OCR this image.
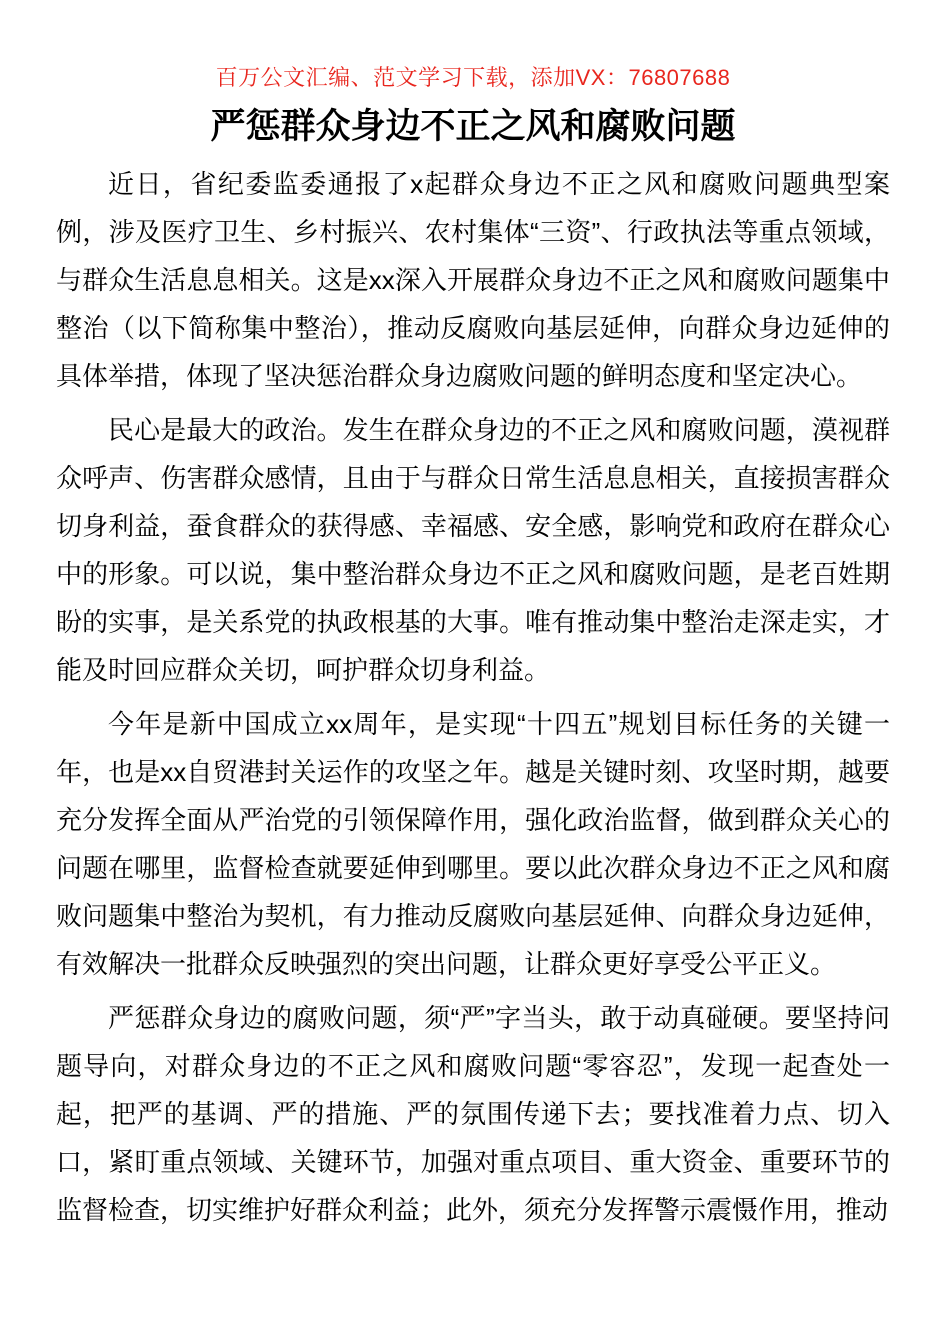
百万公文汇编、范文学习下载，添加VX：76807688
严惩群众身边不正之风和腐败问题

近日，省纪委监委通报了x起群众身边不正之风和腐败问题典型案例，涉及医疗卫生、乡村振兴、农村集体“三资”、行政执法等重点领域，与群众生活息息相关。这是xx深入开展群众身边不正之风和腐败问题集中整治（以下简称集中整治），推动反腐败向基层延伸，向群众身边延伸的具体举措，体现了坚决惩治群众身边腐败问题的鲜明态度和坚定决心。

民心是最大的政治。发生在群众身边的不正之风和腐败问题，漠视群众呼声、伤害群众感情，且由于与群众日常生活息息相关，直接损害群众切身利益，蚕食群众的获得感、幸福感、安全感，影响党和政府在群众心中的形象。可以说，集中整治群众身边不正之风和腐败问题，是老百姓期盼的实事，是关系党的执政根基的大事。唯有推动集中整治走深走实，才能及时回应群众关切，呵护群众切身利益。

今年是新中国成立xx周年，是实现“十四五”规划目标任务的关键一年，也是xx自贸港封关运作的攻坚之年。越是关键时刻、攻坚时期，越要充分发挥全面从严治党的引领保障作用，强化政治监督，做到群众关心的问题在哪里，监督检查就要延伸到哪里。要以此次群众身边不正之风和腐败问题集中整治为契机，有力推动反腐败向基层延伸、向群众身边延伸，有效解决一批群众反映强烈的突出问题，让群众更好享受公平正义。

严惩群众身边的腐败问题，须“严”字当头，敢于动真碰硬。要坚持问题导向，对群众身边的不正之风和腐败问题“零容忍”，发现一起查处一起，把严的基调、严的措施、严的氛围传递下去；要找准着力点、切入口，紧盯重点领域、关键环节，加强对重点项目、重大资金、重要环节的监督检查，切实维护好群众利益；此外，须充分发挥警示震慑作用，推动
